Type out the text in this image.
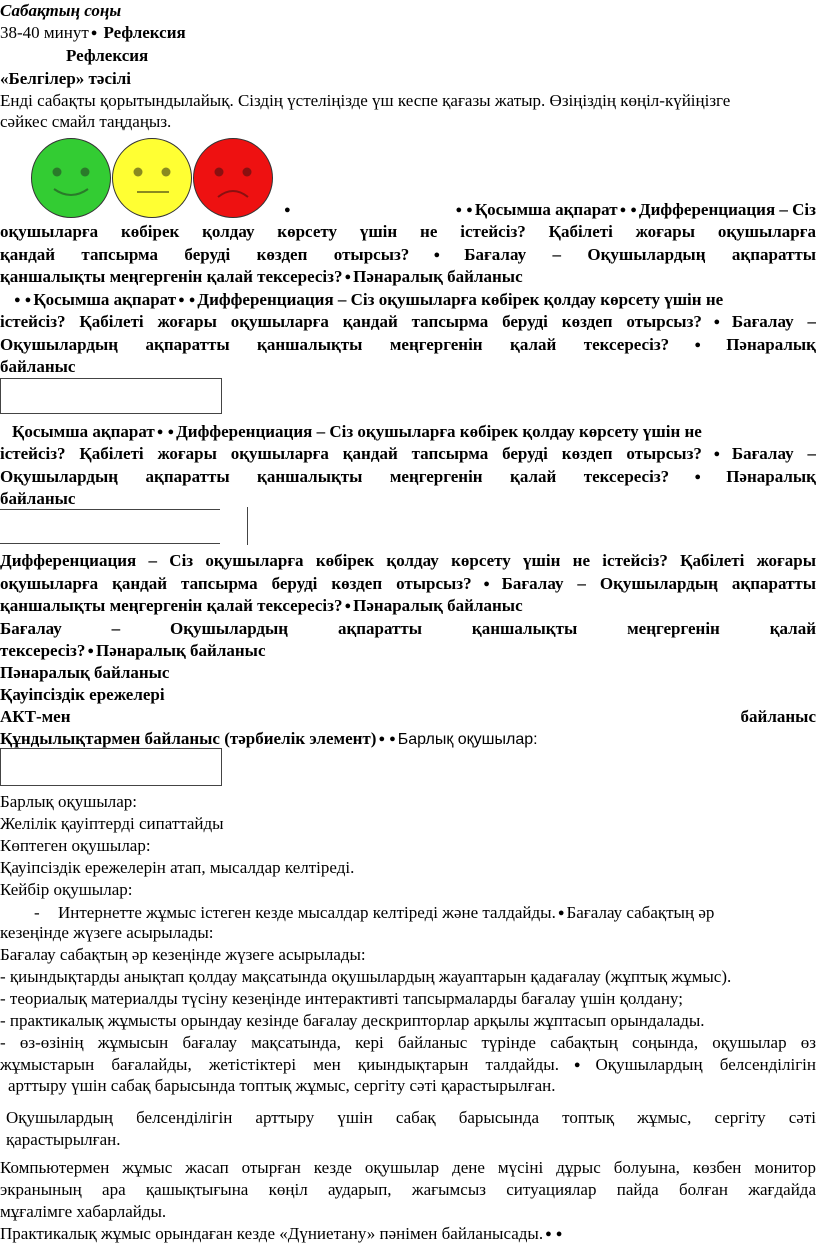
Сабақтың соңы
38-40 минут ● Рефлексия
Рефлексия
«Белгілер» тәсілі
Енді сабақты қорытындылайық. Сіздің үстеліңізде үш кеспе қағазы жатыр. Өзіңіздің көңіл-күйіңізге
сәйкес смайл таңдаңыз.
●
● ● Қосымша ақпарат ● ● Дифференциация – Сіз
оқушыларға көбірек қолдау көрсету үшін не істейсіз? Қабілеті жоғары оқушыларға
қандай тапсырма беруді көздеп отырсыз? ●	Бағалау – Оқушылардың ақпаратты
қаншалықты меңгергенін қалай тексересіз? ● Пәнаралық байланыс
● ● Қосымша ақпарат ● ● Дифференциация – Сіз оқушыларға көбірек қолдау көрсету үшін не
істейсіз? Қабілеті жоғары оқушыларға қандай тапсырма беруді көздеп отырсыз? ● Бағалау –
Оқушылардың ақпаратты қаншалықты меңгергенін қалай тексересіз? ●	Пәнаралық
байланыс
Қосымша ақпарат ● ● Дифференциация – Сіз оқушыларға көбірек қолдау көрсету үшін не
істейсіз? Қабілеті жоғары оқушыларға қандай тапсырма беруді көздеп отырсыз? ● Бағалау –
Оқушылардың ақпаратты қаншалықты меңгергенін қалай тексересіз? ●	Пәнаралық
байланыс
Дифференциация – Сіз оқушыларға көбірек қолдау көрсету үшін не істейсіз? Қабілеті жоғары
оқушыларға қандай тапсырма беруді көздеп отырсыз? ● Бағалау – Оқушылардың ақпаратты
қаншалықты меңгергенін қалай тексересіз? ● Пәнаралық байланыс
Бағалау – Оқушылардың ақпаратты қаншалықты меңгергенін қалай
тексересіз? ● Пәнаралық байланыс
Пәнаралық байланыс
Қауіпсіздік ережелері
АКТ-мен	байланыс
Құндылықтармен байланыс (тәрбиелік элемент) ● ● Барлық оқушылар:
Барлық оқушылар:
Желілік қауіптерді сипаттайды
Көптеген оқушылар:
Қауіпсіздік ережелерін атап, мысалдар келтіреді.
Кейбір оқушылар:
- Интернетте жұмыс істеген кезде мысалдар келтіреді және талдайды. ● Бағалау сабақтың әр
кезеңінде жүзеге асырылады:
Бағалау сабақтың әр кезеңінде жүзеге асырылады:
- қиындықтарды анықтап қолдау мақсатында оқушылардың жауаптарын қадағалау (жұптық жұмыс).
- теориалық материалды түсіну кезеңінде интерактивті тапсырмаларды бағалау үшін қолдану;
- практикалық жұмысты орындау кезінде бағалау дескрипторлар арқылы жұптасып орындалады.
- өз-өзінің жұмысын бағалау мақсатында, кері байланыс түрінде сабақтың соңында, оқушылар өз
жұмыстарын бағалайды, жетістіктері мен қиындықтарын талдайды. ● Оқушылардың белсенділігін
арттыру үшін сабақ барысында топтық жұмыс, сергіту сәті қарастырылған.
Оқушылардың белсенділігін арттыру үшін сабақ барысында топтық жұмыс, сергіту сәті
қарастырылған.
Компьютермен жұмыс жасап отырған кезде оқушылар дене мүсіні дұрыс болуына, көзбен монитор
экранының ара қашықтығына көңіл аударып, жағымсыз ситуациялар пайда болған жағдайда
мұғалімге хабарлайды.
Практикалық жұмыс орындаған кезде «Дүниетану» пәнімен байланысады.● ●
